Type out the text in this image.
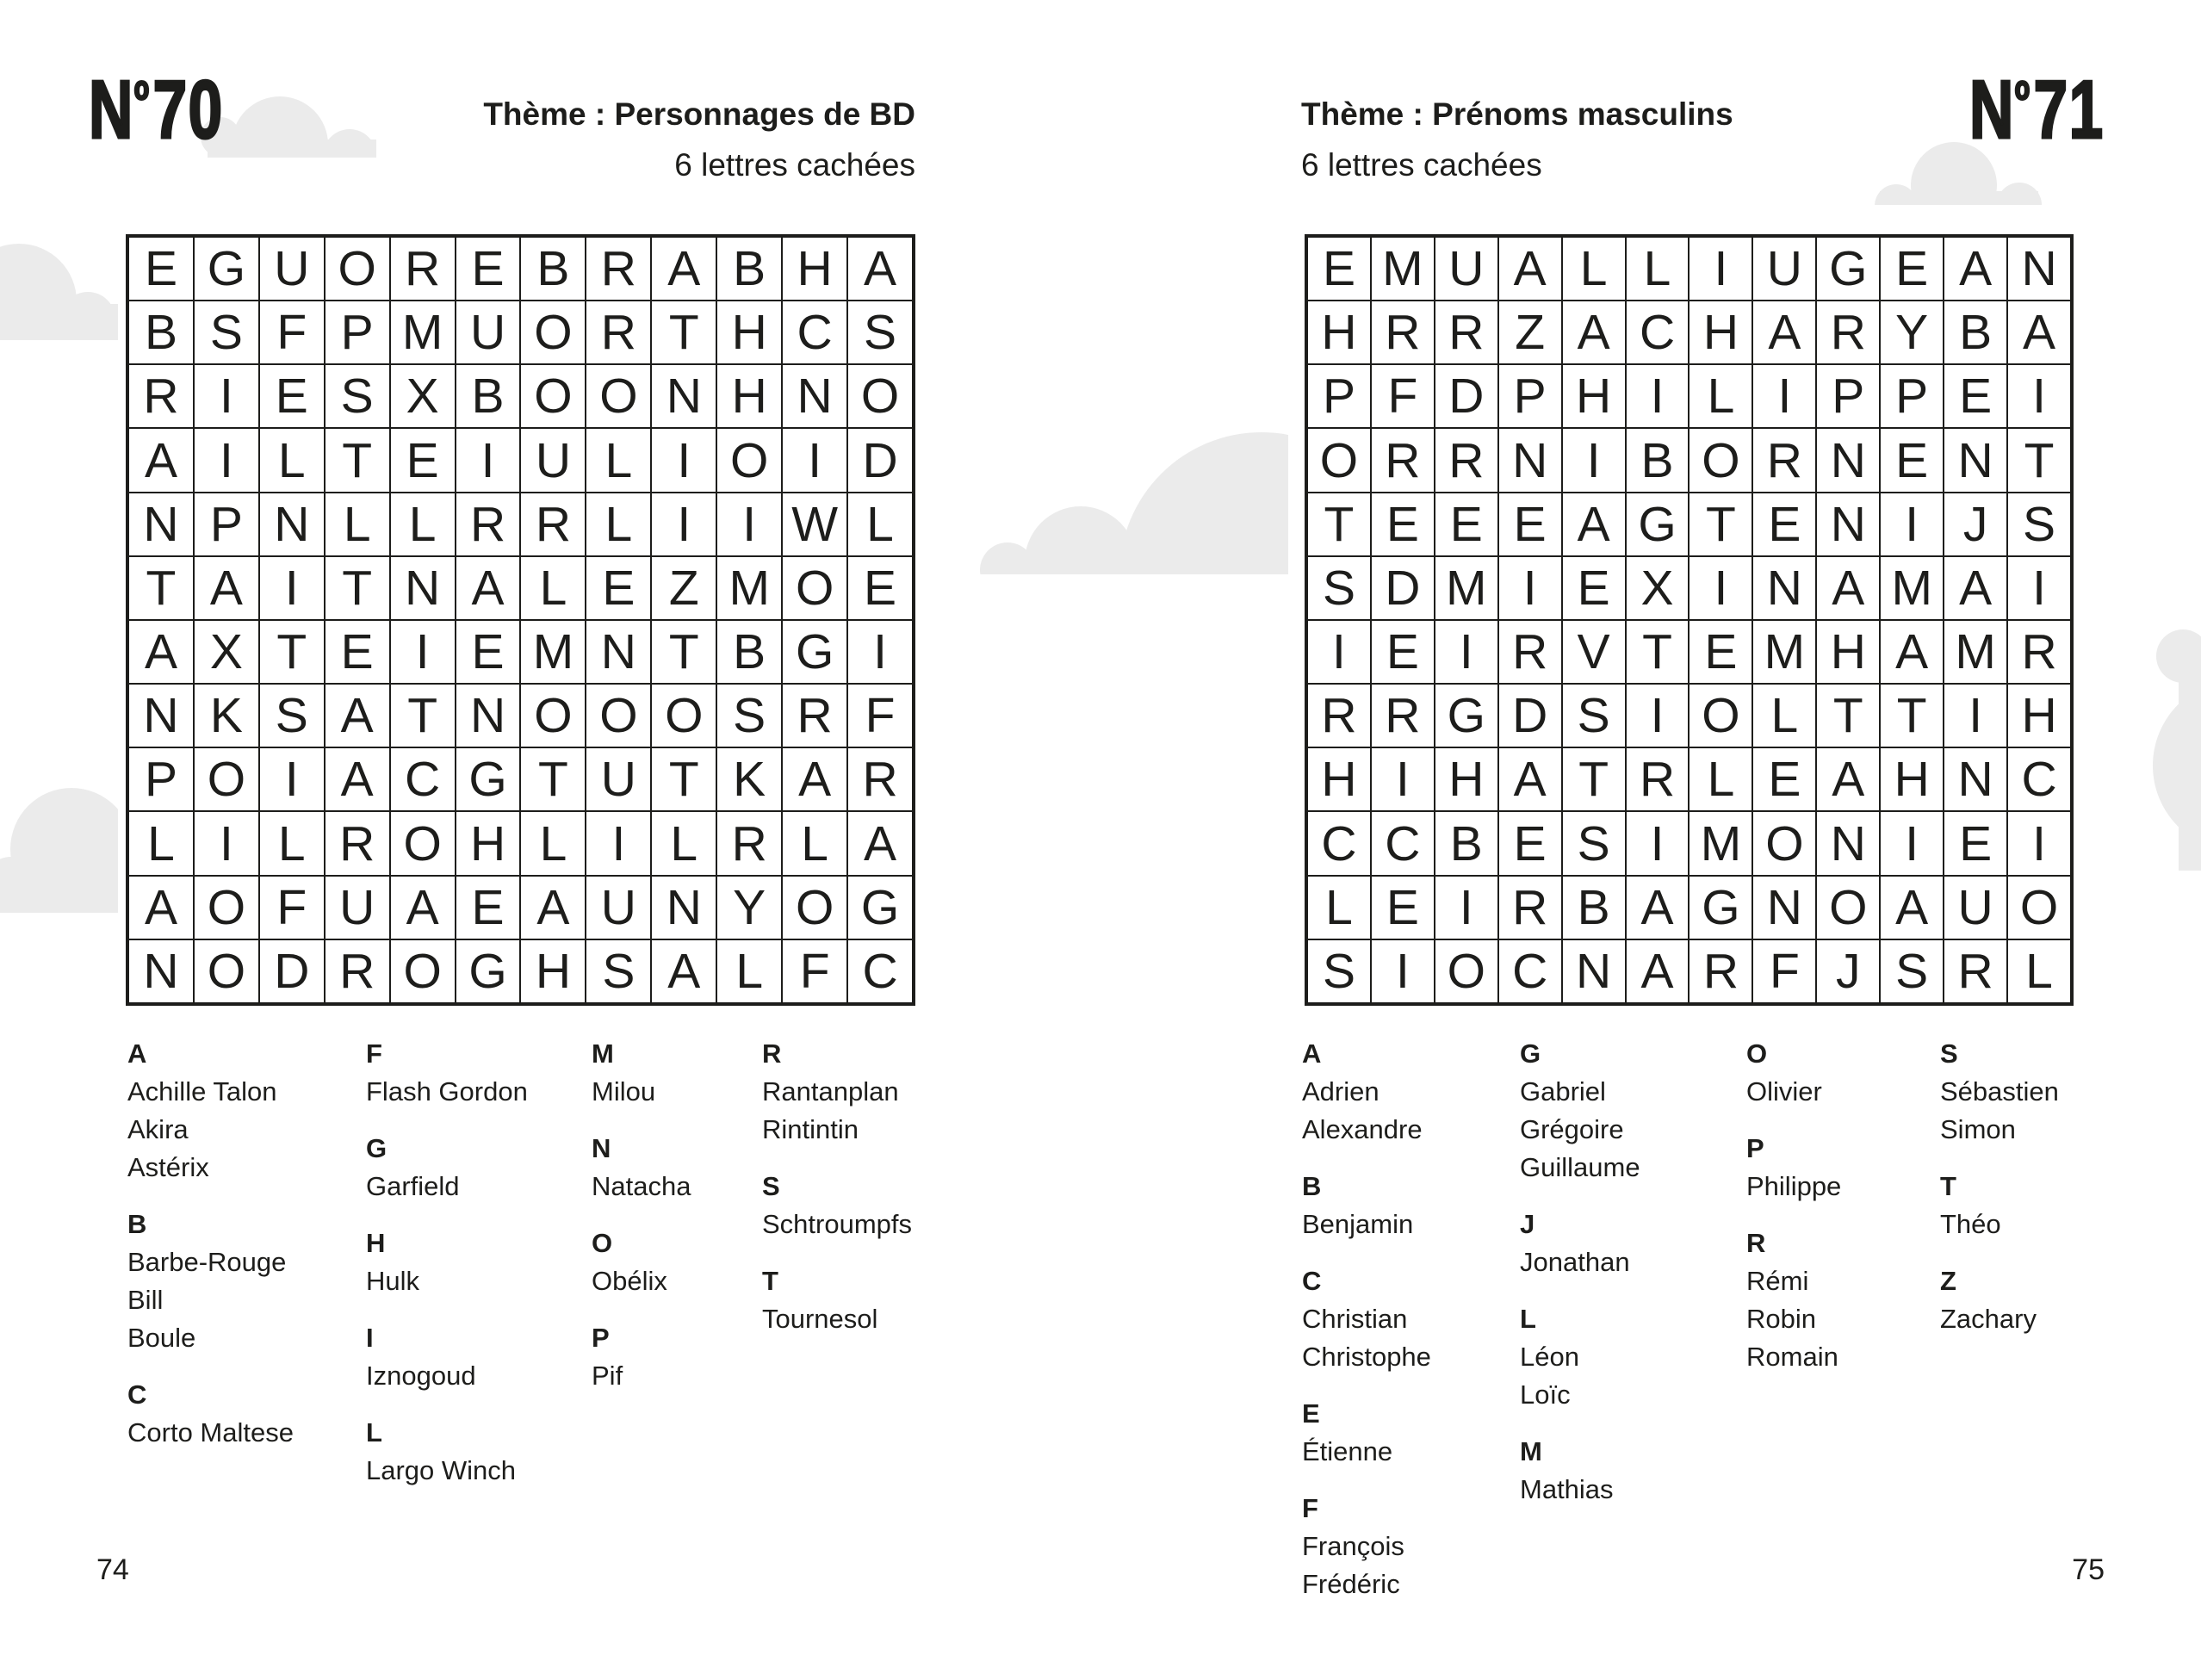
$N^o70$	$N^o71$
Thème : Personnages de BD
6 lettres cachées
Thème : Prénoms masculins
6 lettres cachées
E G U O R E B R A B H A
B S F P M U O R T H C S
R I E S X B O O N H N O
A I L T E I U L I O I D
N P N L L R R L I	I W L
T A I T N A L E Z M O E
A X T E I E M N T B G I
N K S A T N O O O S R F
P O I A C G T U T K A R
L I L R O H L I L R L A
A O F U A E A U N Y O G
N O D R O G H S A L F C
E M U A L L I U G E A N
H R R Z A C H A R Y B A
P F D P H I L I P P E I
O R R N I B O R N E N T
T E E E A G T E N I J S
S D M I E X I N A M A I
I E I R V T E M H A M R
R R G D S I O L T T I H
H I H A T R L E A H N C
C C B E S I M O N I E I
L E I R B A G N O A U O
S I O C N A R F J S R L
A
Achille Talon
Akira
Astérix
B
Barbe-Rouge
Bill
Boule
C
Corto Maltese
F
Flash Gordon
G
Garfield
H
Hulk
I
Iznogoud
L
Largo Winch
M
Milou
N
Natacha
O
Obélix
P
Pif
R
Rantanplan
Rintintin
S
Schtroumpfs
T
Tournesol
A
Adrien
Alexandre
B
Benjamin
C
Christian
Christophe
E
Étienne
F
François
Frédéric
G
Gabriel
Grégoire
Guillaume
J
Jonathan
L
Léon
Loïc
M
Mathias
O
Olivier
P
Philippe
R
Rémi
Robin
Romain
S
Sébastien
Simon
T
Théo
Z
Zachary
74	75
